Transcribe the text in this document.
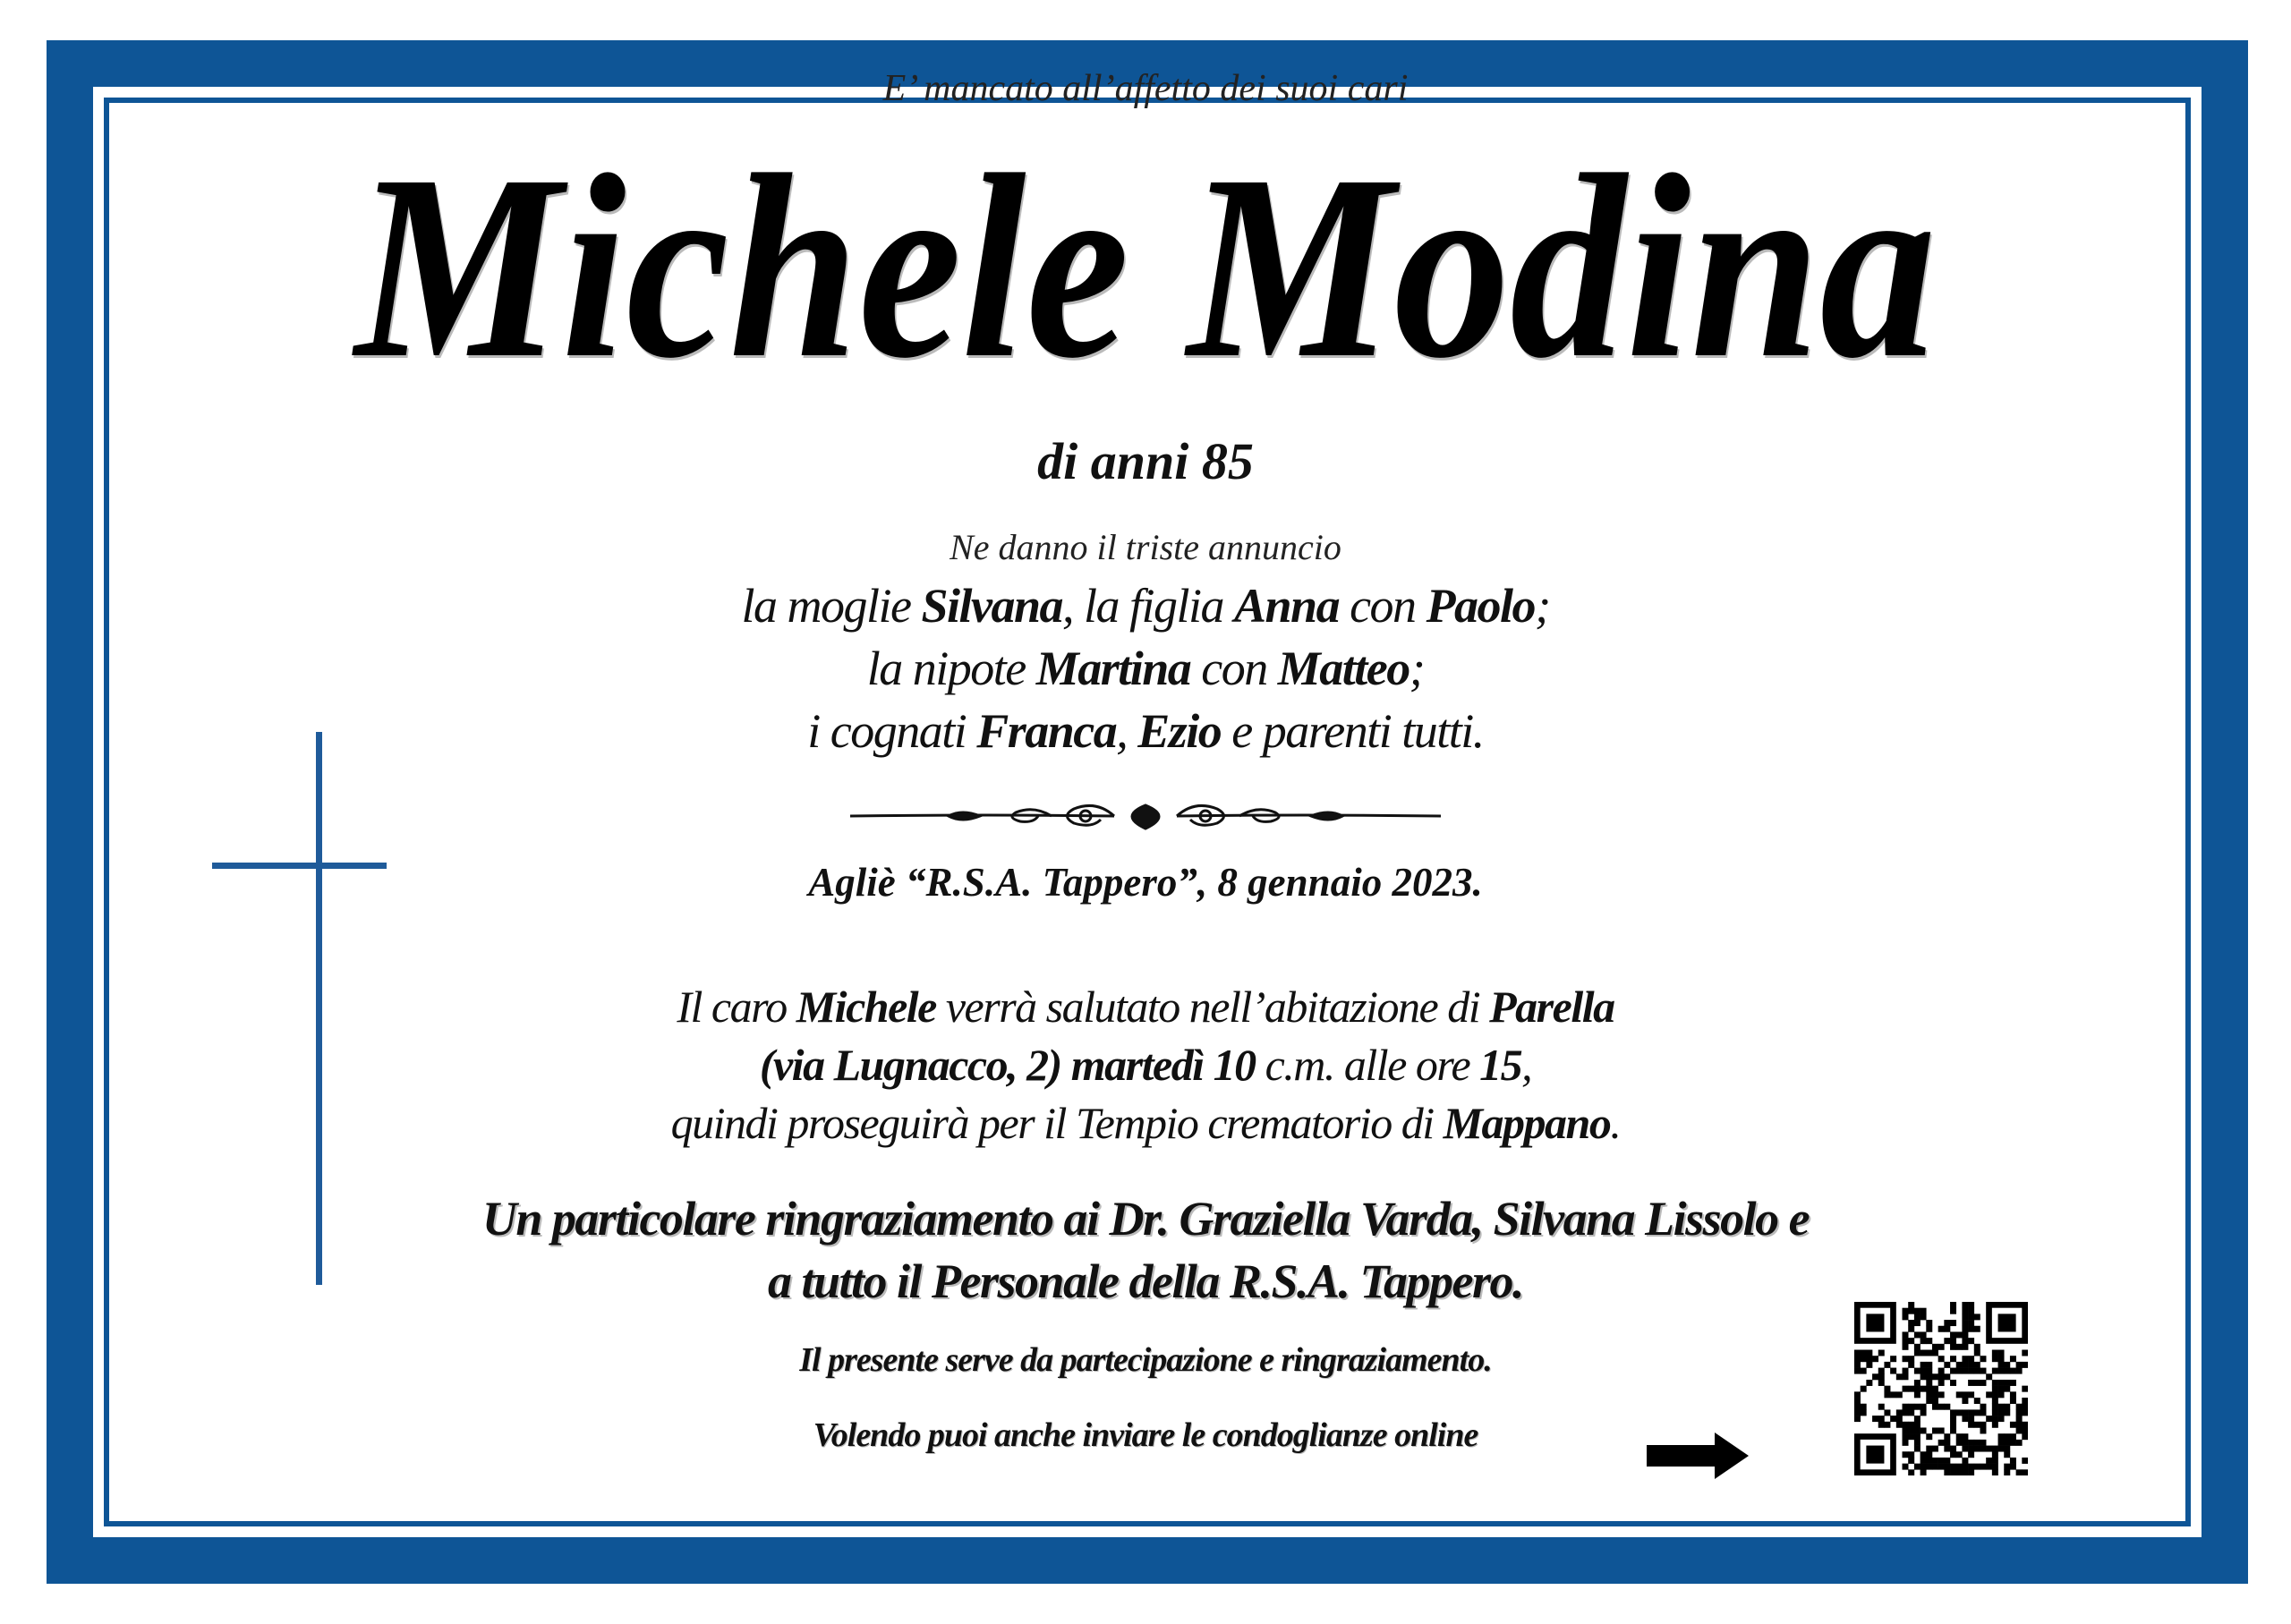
E’ mancato all’affetto dei suoi cari
Michele Modina
di anni 85
Ne danno il triste annuncio
la moglie Silvana, la figlia Anna con Paolo;
la nipote Martina con Matteo;
i cognati Franca, Ezio e parenti tutti.
Agliè “R.S.A. Tappero”, 8 gennaio 2023.
Il caro Michele verrà salutato nell’abitazione di Parella
(via Lugnacco, 2) martedì 10 c.m. alle ore 15,
quindi proseguirà per il Tempio crematorio di Mappano.
Un particolare ringraziamento ai Dr. Graziella Varda, Silvana Lissolo e
a tutto il Personale della R.S.A. Tappero.
Il presente serve da partecipazione e ringraziamento.
Volendo puoi anche inviare le condoglianze online
